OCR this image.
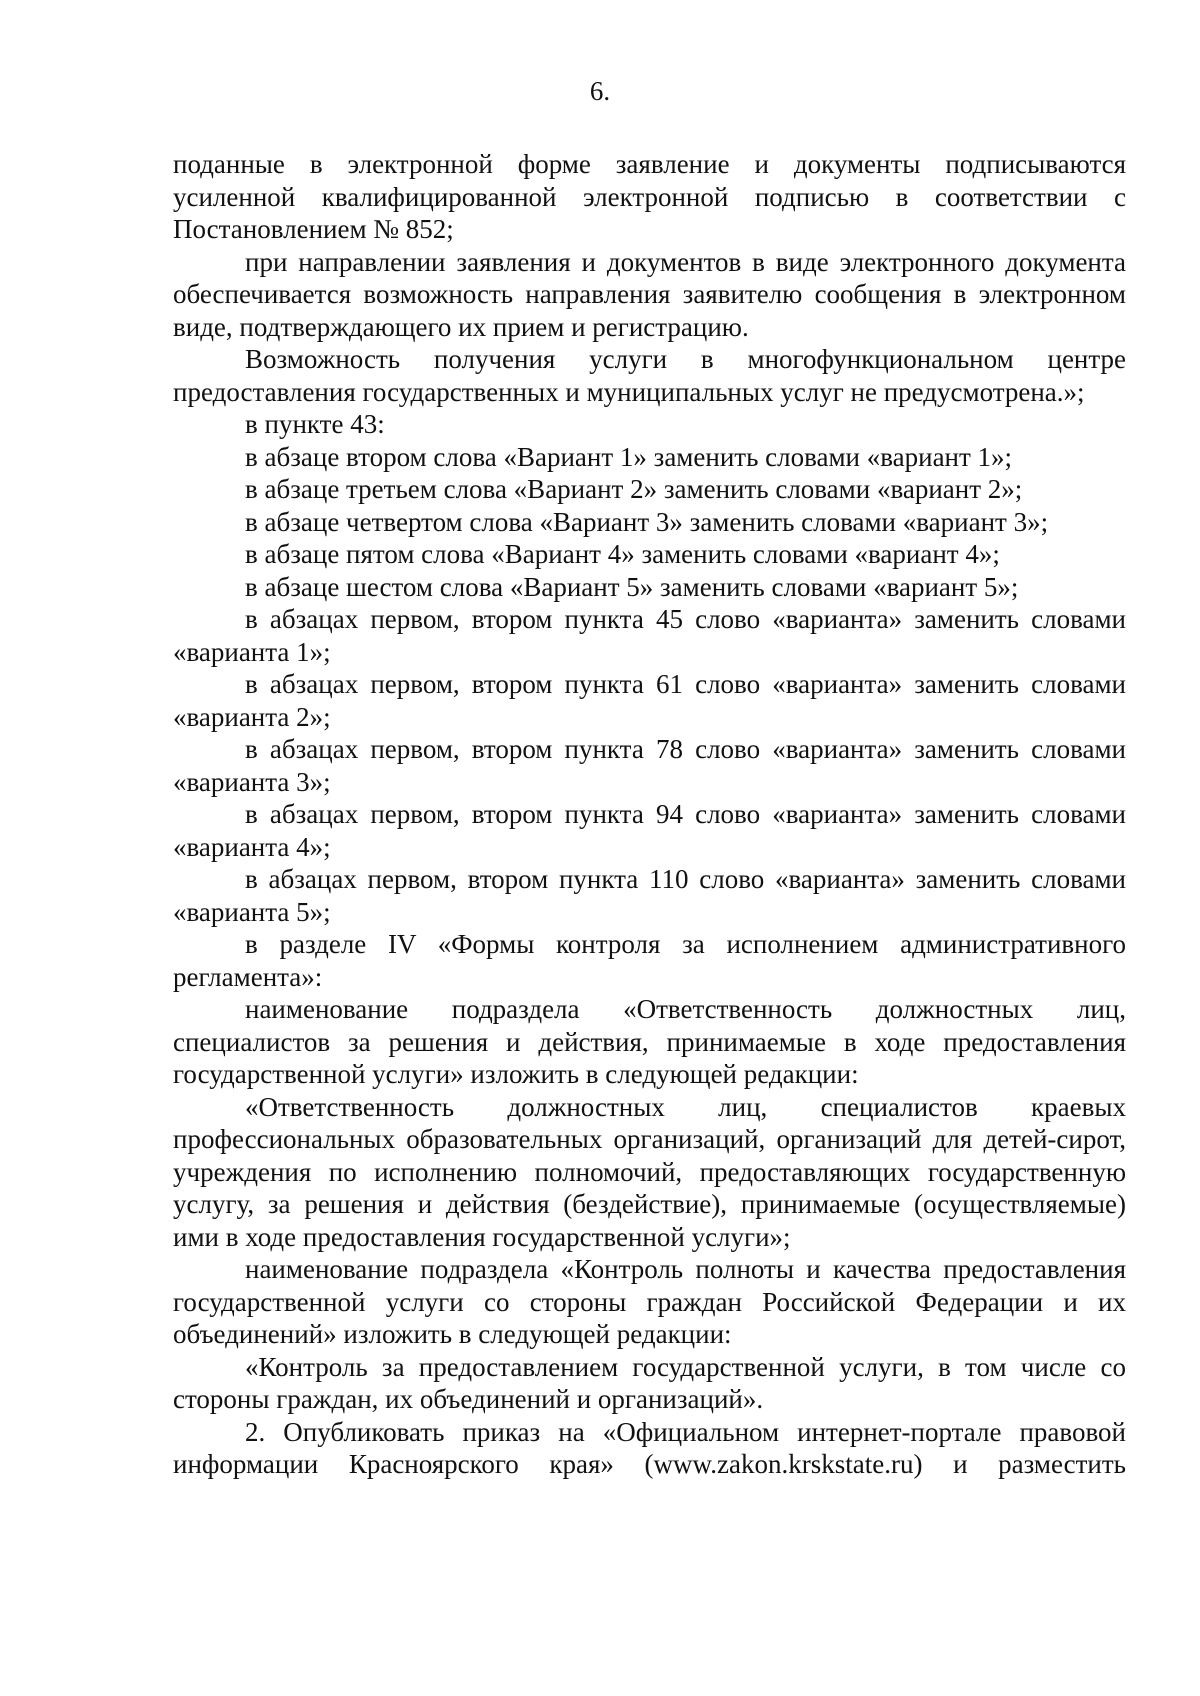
6.

поданные в электронной форме заявление и документы подписываются усиленной квалифицированной электронной подписью в соответствии с Постановлением № 852;

при направлении заявления и документов в виде электронного документа обеспечивается возможность направления заявителю сообщения в электронном виде, подтверждающего их прием и регистрацию.

Возможность получения услуги в многофункциональном центре предоставления государственных и муниципальных услуг не предусмотрена.»;

в пункте 43:

в абзаце втором слова «Вариант 1» заменить словами «вариант 1»;

в абзаце третьем слова «Вариант 2» заменить словами «вариант 2»;

в абзаце четвертом слова «Вариант 3» заменить словами «вариант 3»;

в абзаце пятом слова «Вариант 4» заменить словами «вариант 4»;

в абзаце шестом слова «Вариант 5» заменить словами «вариант 5»;

в абзацах первом, втором пункта 45 слово «варианта» заменить словами «варианта 1»;

в абзацах первом, втором пункта 61 слово «варианта» заменить словами «варианта 2»;

в абзацах первом, втором пункта 78 слово «варианта» заменить словами «варианта 3»;

в абзацах первом, втором пункта 94 слово «варианта» заменить словами «варианта 4»;

в абзацах первом, втором пункта 110 слово «варианта» заменить словами «варианта 5»;

в разделе IV «Формы контроля за исполнением административного регламента»:

наименование подраздела «Ответственность должностных лиц, специалистов за решения и действия, принимаемые в ходе предоставления государственной услуги» изложить в следующей редакции:

«Ответственность должностных лиц, специалистов краевых профессиональных образовательных организаций, организаций для детей-сирот, учреждения по исполнению полномочий, предоставляющих государственную услугу, за решения и действия (бездействие), принимаемые (осуществляемые) ими в ходе предоставления государственной услуги»;

наименование подраздела «Контроль полноты и качества предоставления государственной услуги со стороны граждан Российской Федерации и их объединений» изложить в следующей редакции:

«Контроль за предоставлением государственной услуги, в том числе со стороны граждан, их объединений и организаций».

2. Опубликовать приказ на «Официальном интернет-портале правовой информации Красноярского края» (www.zakon.krskstate.ru) и разместить
